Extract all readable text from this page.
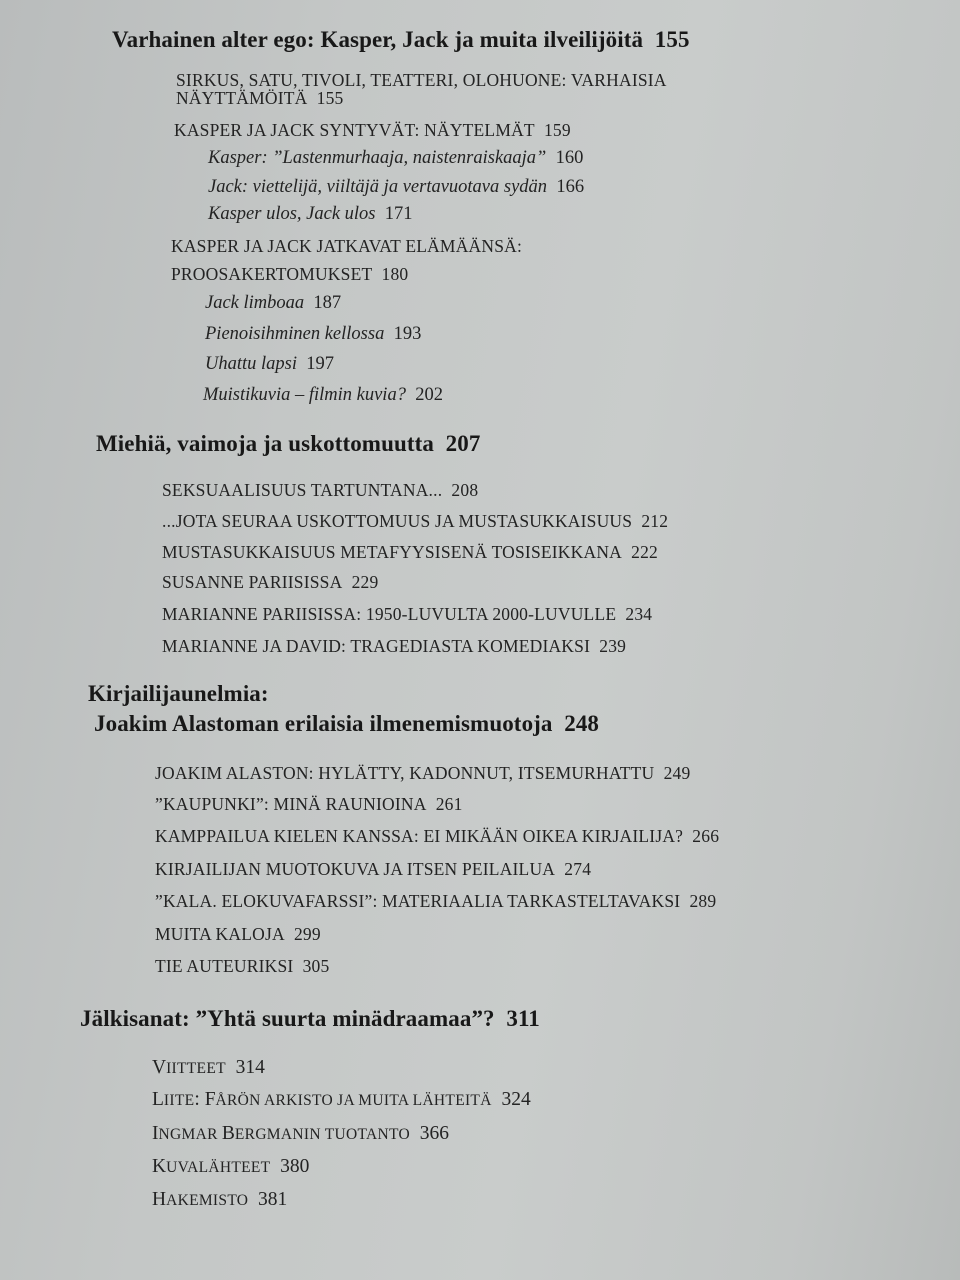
Varhainen alter ego: Kasper, Jack ja muita ilveilijöitä 155
SIRKUS, SATU, TIVOLI, TEATTERI, OLOHUONE: VARHAISIA
NÄYTTÄMÖITÄ 155
KASPER JA JACK SYNTYVÄT: NÄYTELMÄT 159
Kasper: ”Lastenmurhaaja, naistenraiskaaja” 160
Jack: viettelijä, viiltäjä ja vertavuotava sydän 166
Kasper ulos, Jack ulos 171
KASPER JA JACK JATKAVAT ELÄMÄÄNSÄ:
PROOSAKERTOMUKSET 180
Jack limboaa 187
Pienoisihminen kellossa 193
Uhattu lapsi 197
Muistikuvia – filmin kuvia? 202
Miehiä, vaimoja ja uskottomuutta 207
SEKSUAALISUUS TARTUNTANA... 208
...JOTA SEURAA USKOTTOMUUS JA MUSTASUKKAISUUS 212
MUSTASUKKAISUUS METAFYYSISENÄ TOSISEIKKANA 222
SUSANNE PARIISISSA 229
MARIANNE PARIISISSA: 1950-LUVULTA 2000-LUVULLE 234
MARIANNE JA DAVID: TRAGEDIASTA KOMEDIAKSI 239
Kirjailijaunelmia:
Joakim Alastoman erilaisia ilmenemismuotoja 248
JOAKIM ALASTON: HYLÄTTY, KADONNUT, ITSEMURHATTU 249
”KAUPUNKI”: MINÄ RAUNIOINA 261
KAMPPAILUA KIELEN KANSSA: EI MIKÄÄN OIKEA KIRJAILIJA? 266
KIRJAILIJAN MUOTOKUVA JA ITSEN PEILAILUA 274
”KALA. ELOKUVAFARSSI”: MATERIAALIA TARKASTELTAVAKSI 289
MUITA KALOJA 299
TIE AUTEURIKSI 305
Jälkisanat: ”Yhtä suurta minädraamaa”? 311
VIITTEET 314
LIITE: FÅRÖN ARKISTO JA MUITA LÄHTEITÄ 324
INGMAR BERGMANIN TUOTANTO 366
KUVALÄHTEET 380
HAKEMISTO 381
